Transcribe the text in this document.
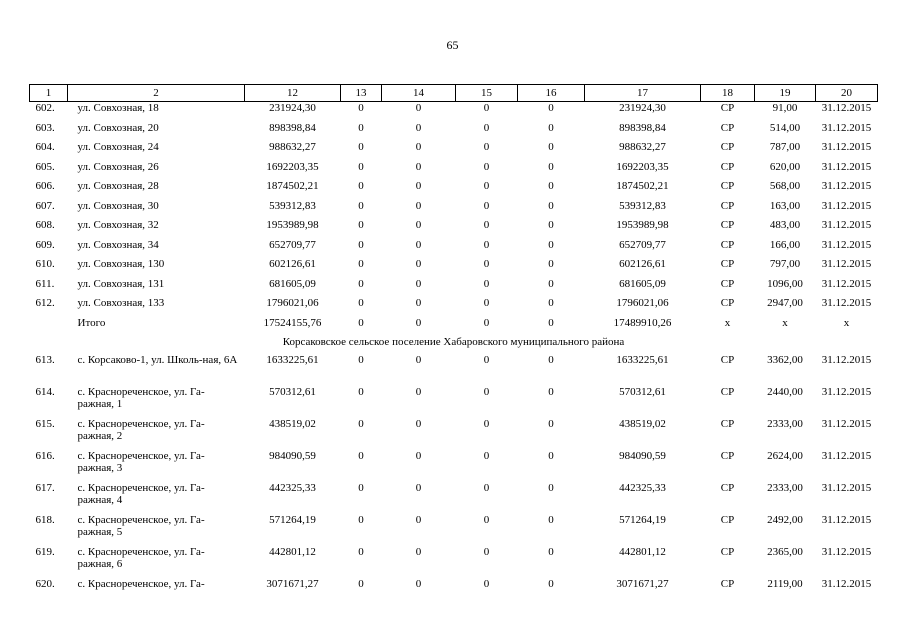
65
1	2	12	13	14	15	16	17	18	19	20
602.	ул. Совхозная, 18	231924,30	0	0	0	0	231924,30	СР	91,00	31.12.2015
603.	ул. Совхозная, 20	898398,84	0	0	0	0	898398,84	СР	514,00	31.12.2015
604.	ул. Совхозная, 24	988632,27	0	0	0	0	988632,27	СР	787,00	31.12.2015
605.	ул. Совхозная, 26	1692203,35	0	0	0	0	1692203,35	СР	620,00	31.12.2015
606.	ул. Совхозная, 28	1874502,21	0	0	0	0	1874502,21	СР	568,00	31.12.2015
607.	ул. Совхозная, 30	539312,83	0	0	0	0	539312,83	СР	163,00	31.12.2015
608.	ул. Совхозная, 32	1953989,98	0	0	0	0	1953989,98	СР	483,00	31.12.2015
609.	ул. Совхозная, 34	652709,77	0	0	0	0	652709,77	СР	166,00	31.12.2015
610.	ул. Совхозная, 130	602126,61	0	0	0	0	602126,61	СР	797,00	31.12.2015
611.	ул. Совхозная, 131	681605,09	0	0	0	0	681605,09	СР	1096,00	31.12.2015
612.	ул. Совхозная, 133	1796021,06	0	0	0	0	1796021,06	СР	2947,00	31.12.2015
	Итого	17524155,76	0	0	0	0	17489910,26	х	х	х
Корсаковское сельское поселение Хабаровского муниципального района										
613.	с. Корсаково-1, ул. Школь-ная, 6А	1633225,61	0	0	0	0	1633225,61	СР	3362,00	31.12.2015
614.	с. Краснореченское, ул. Га-ражная, 1	570312,61	0	0	0	0	570312,61	СР	2440,00	31.12.2015
615.	с. Краснореченское, ул. Га-ражная, 2	438519,02	0	0	0	0	438519,02	СР	2333,00	31.12.2015
616.	с. Краснореченское, ул. Га-ражная, 3	984090,59	0	0	0	0	984090,59	СР	2624,00	31.12.2015
617.	с. Краснореченское, ул. Га-ражная, 4	442325,33	0	0	0	0	442325,33	СР	2333,00	31.12.2015
618.	с. Краснореченское, ул. Га-ражная, 5	571264,19	0	0	0	0	571264,19	СР	2492,00	31.12.2015
619.	с. Краснореченское, ул. Га-ражная, 6	442801,12	0	0	0	0	442801,12	СР	2365,00	31.12.2015
620.	с. Краснореченское, ул. Га-	3071671,27	0	0	0	0	3071671,27	СР	2119,00	31.12.2015
